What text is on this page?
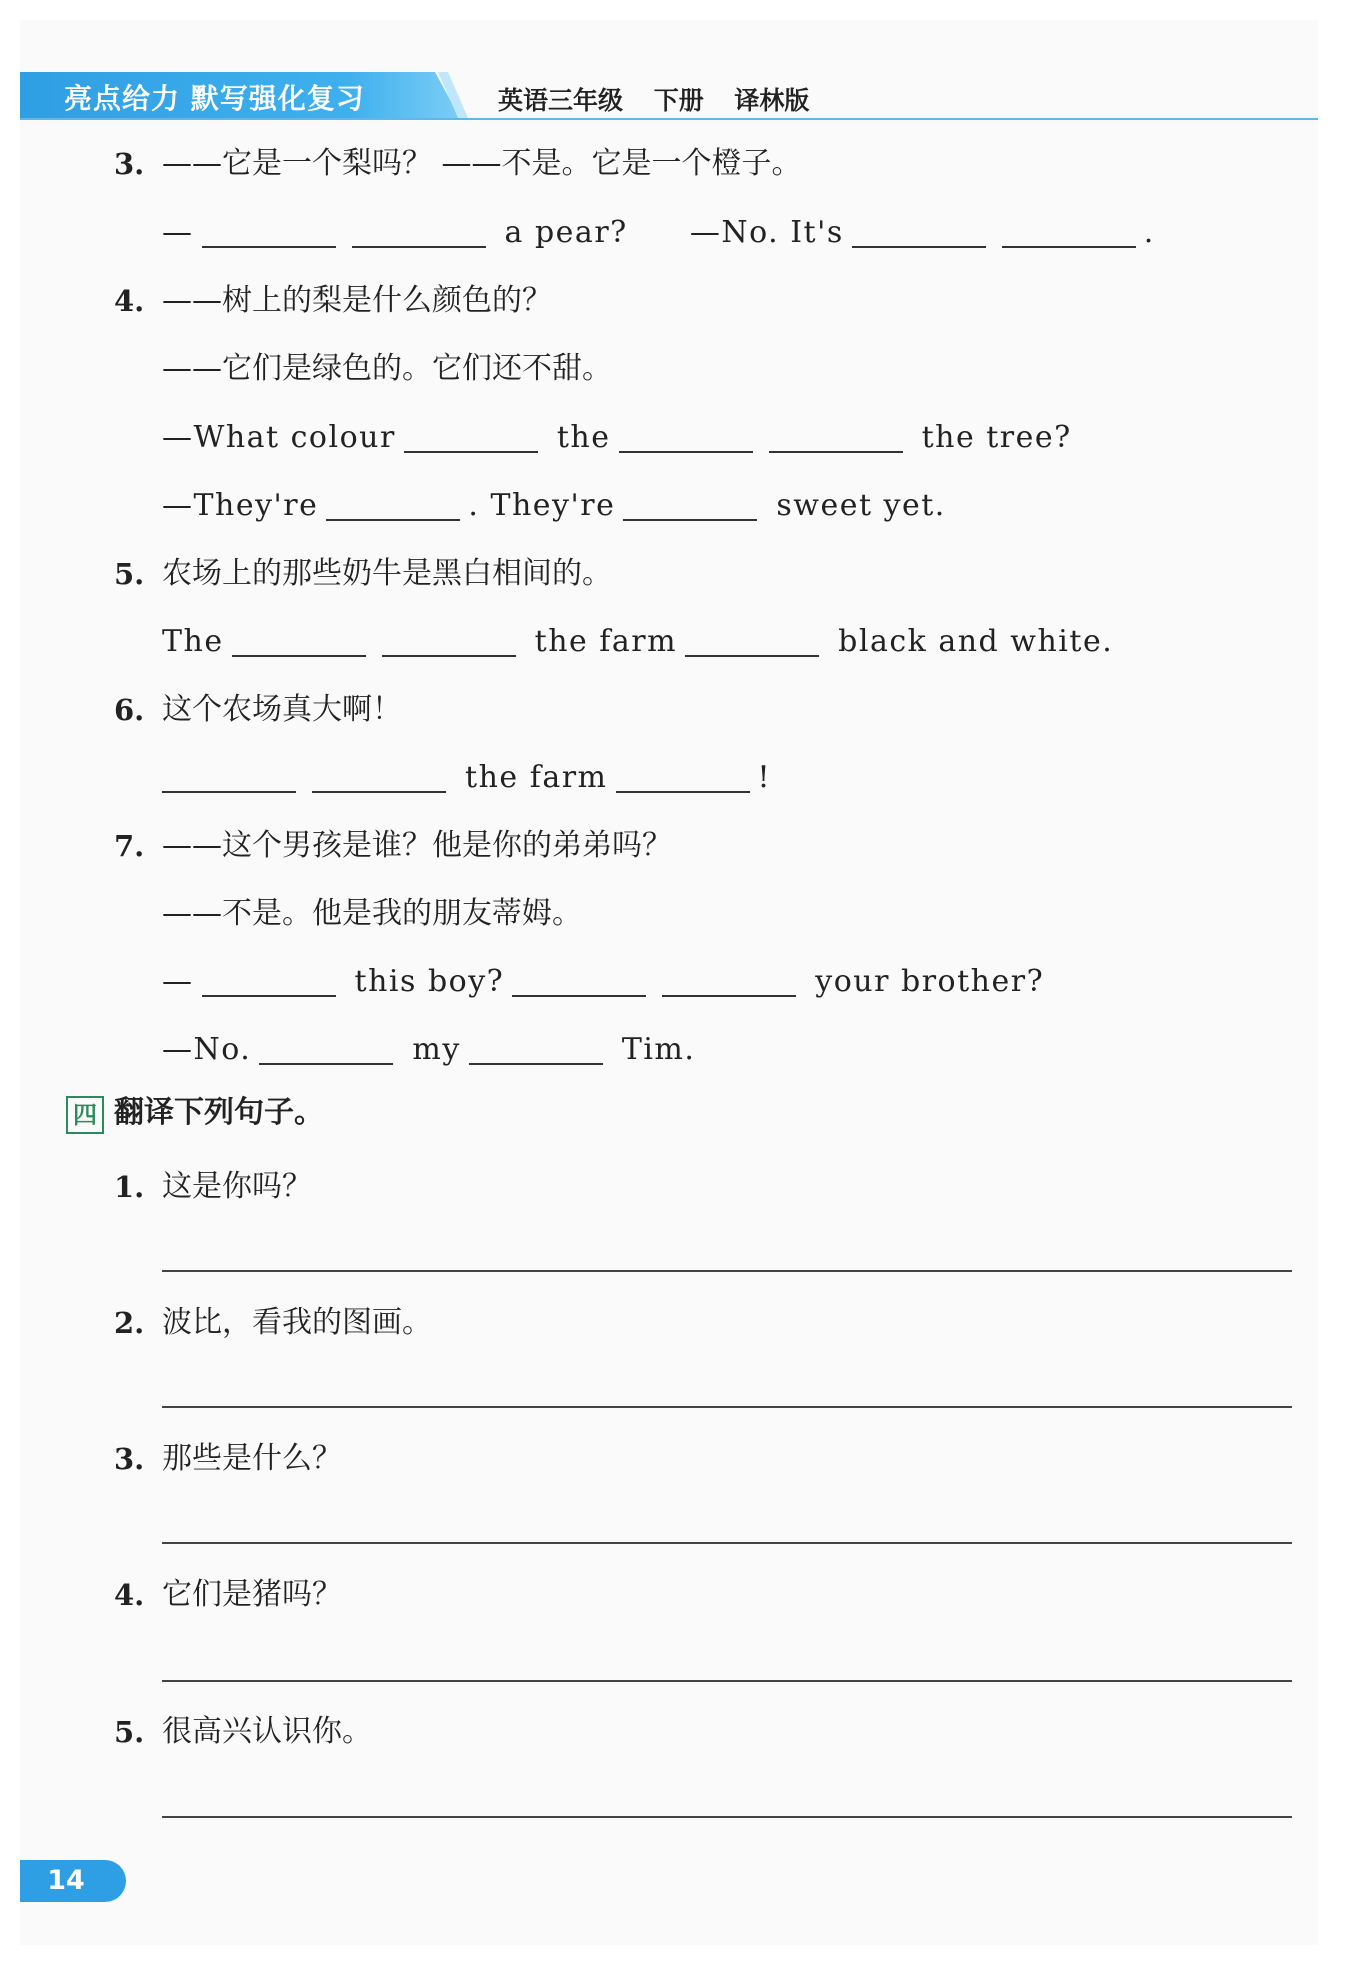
亮点给力 默写强化复习	英语三年级 下册 译林版
3. ——它是一个梨吗？ ——不是。它是一个橙子。
—	a pear? —No. It's	.
4. ——树上的梨是什么颜色的？
——它们是绿色的。它们还不甜。
—What colour	the	the tree?
—They're	. They're	sweet yet.
5. 农场上的那些奶牛是黑白相间的。
The	the farm	black and white.
6. 这个农场真大啊！
the farm	!
7. ——这个男孩是谁？他是你的弟弟吗？
——不是。他是我的朋友蒂姆。
—	this boy?	your brother?
—No.	my	Tim.
四 翻译下列句子。
1. 这是你吗？
2. 波比，看我的图画。
3. 那些是什么？
4. 它们是猪吗？
5. 很高兴认识你。
14
